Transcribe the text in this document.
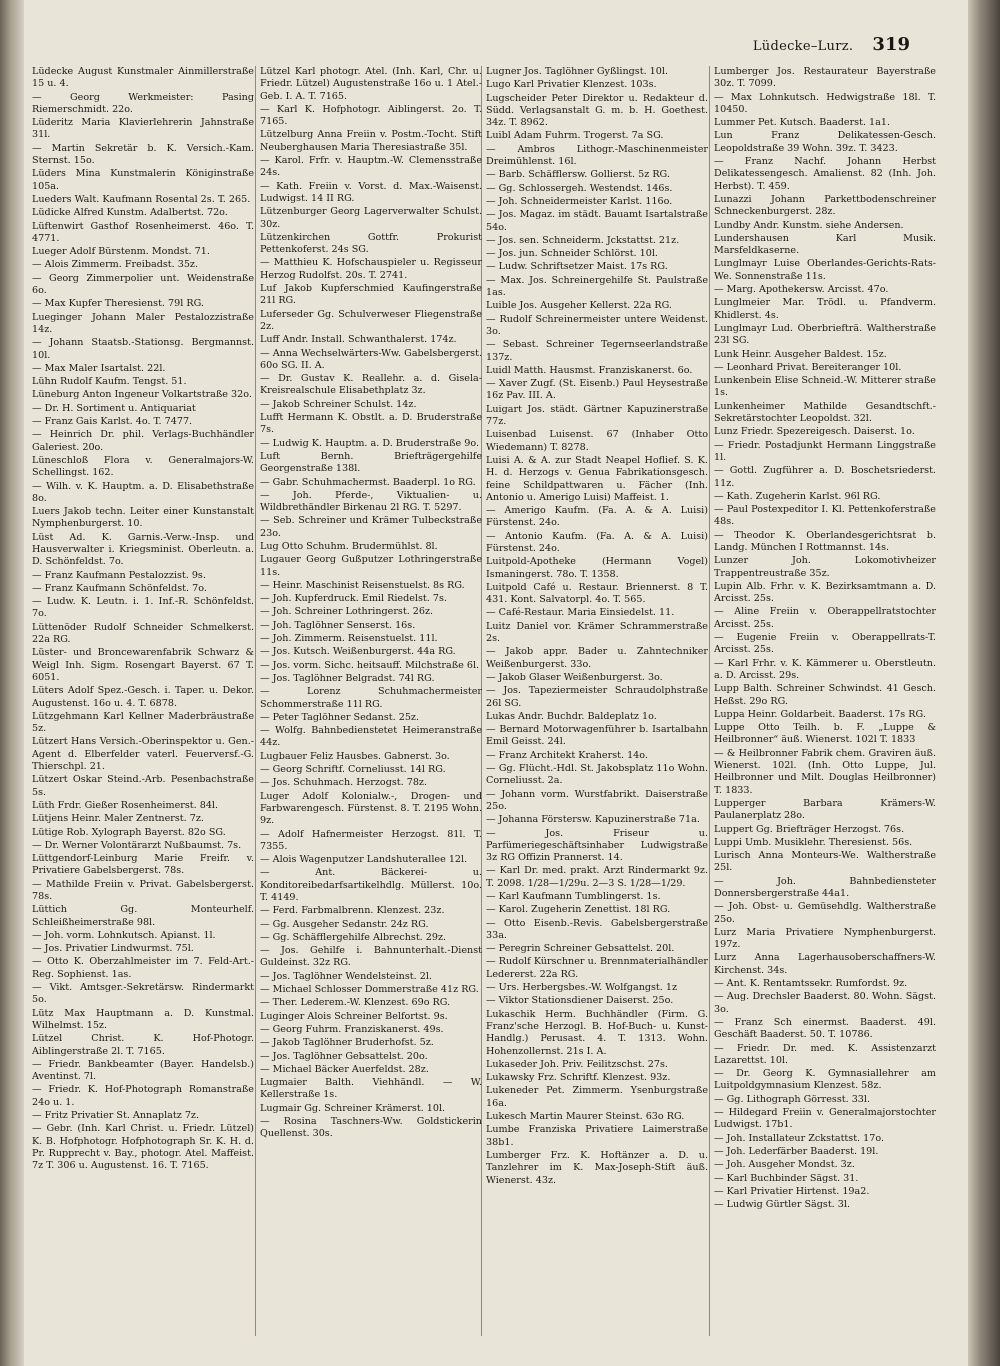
Lüdecke–Lurz. 319
Lüdecke August Kunstmaler Ainmillerstraße 15 u. 4.
— Georg Werkmeister: Pasing Riemerschmidt. 22o.
Lüderitz Maria Klavierlehrerin Jahnstraße 31l.
— Martin Sekretär b. K. Versich.-Kam. Sternst. 15o.
Lüders Mina Kunstmalerin Königinstraße 105a.
Lueders Walt. Kaufmann Rosental 2s. T. 265.
Lüdicke Alfred Kunstm. Adalbertst. 72o.
Lüftenwirt Gasthof Rosenheimerst. 46o. T. 4771.
Lueger Adolf Bürstenm. Mondst. 71.
— Alois Zimmerm. Freibadst. 35z.
— Georg Zimmerpolier unt. Weidenstraße 6o.
— Max Kupfer Theresienst. 79l RG.
Lueginger Johann Maler Pestalozzistraße 14z.
— Johann Staatsb.-Stationsg. Bergmannst. 10l.
— Max Maler Isartalst. 22l.
Lühn Rudolf Kaufm. Tengst. 51.
Lüneburg Anton Ingeneur Volkartstraße 32o.
— Dr. H. Sortiment u. Antiquariat
— Franz Gais Karlst. 4o. T. 7477.
— Heinrich Dr. phil. Verlags-Buchhändler Galeriest. 20o.
Lüneschloß Flora v. Generalmajors-W. Schellingst. 162.
— Wilh. v. K. Hauptm. a. D. Elisabethstraße 8o.
Luers Jakob techn. Leiter einer Kunstanstalt Nymphenburgerst. 10.
Lüst Ad. K. Garnis.-Verw.-Insp. und Hausverwalter i. Kriegsminist. Oberleutn. a. D. Schönfeldst. 7o.
— Franz Kaufmann Pestalozzist. 9s.
— Franz Kaufmann Schönfeldst. 7o.
— Ludw. K. Leutn. i. 1. Inf.-R. Schönfeldst. 7o.
Lüttenöder Rudolf Schneider Schmelkerst. 22a RG.
Lüster- und Broncewarenfabrik Schwarz & Weigl Inh. Sigm. Rosengart Bayerst. 67 T. 6051.
Lüters Adolf Spez.-Gesch. i. Taper. u. Dekor. Augustenst. 16o u. 4. T. 6878.
Lützgehmann Karl Kellner Maderbräustraße 5z.
Lützert Hans Versich.-Oberinspektor u. Gen.-Agent d. Elberfelder vaterl. Feuerversf.-G. Thierschpl. 21.
Lützert Oskar Steind.-Arb. Pesenbachstraße 5s.
Lüth Frdr. Gießer Rosenheimerst. 84l.
Lütjens Heinr. Maler Zentnerst. 7z.
Lütige Rob. Xylograph Bayerst. 82o SG.
— Dr. Werner Volontärarzt Nußbaumst. 7s.
Lüttgendorf-Leinburg Marie Freifr. v. Privatiere Gabelsbergerst. 78s.
— Mathilde Freiin v. Privat. Gabelsbergerst. 78s.
Lüttich Gg. Monteurhelf. Schleißheimerstraße 98l.
— Joh. vorm. Lohnkutsch. Apianst. 1l.
— Jos. Privatier Lindwurmst. 75l.
— Otto K. Oberzahlmeister im 7. Feld-Art.-Reg. Sophienst. 1as.
— Vikt. Amtsger.-Sekretärsw. Rindermarkt 5o.
Lütz Max Hauptmann a. D. Kunstmal. Wilhelmst. 15z.
Lützel Christ. K. Hof-Photogr. Aiblingerstraße 2l. T. 7165.
— Friedr. Bankbeamter (Bayer. Handelsb.) Aventinst. 7l.
— Friedr. K. Hof-Photograph Romanstraße 24o u. 1.
— Fritz Privatier St. Annaplatz 7z.
— Gebr. (Inh. Karl Christ. u. Friedr. Lützel) K. B. Hofphotogr. Hofphotograph Sr. K. H. d. Pr. Rupprecht v. Bay., photogr. Atel. Maffeist. 7z T. 306 u. Augustenst. 16. T. 7165.
Lützel Karl photogr. Atel. (Inh. Karl, Chr. u. Friedr. Lützel) Augustenstraße 16o u. 1 Atel.-Geb. I. A. T. 7165.
— Karl K. Hofphotogr. Aiblingerst. 2o. T. 7165.
Lützelburg Anna Freiin v. Postm.-Tocht. Stift Neuberghausen Maria Theresiastraße 35l.
— Karol. Frfr. v. Hauptm.-W. Clemensstraße 24s.
— Kath. Freiin v. Vorst. d. Max.-Waisenst. Ludwigst. 14 II RG.
Lützenburger Georg Lagerverwalter Schulst. 30z.
Lützenkirchen Gottfr. Prokurist Pettenkoferst. 24s SG.
— Matthieu K. Hofschauspieler u. Regisseur Herzog Rudolfst. 20s. T. 2741.
Luf Jakob Kupferschmied Kaufingerstraße 21l RG.
Luferseder Gg. Schulverweser Fliegenstraße 2z.
Luff Andr. Install. Schwanthalerst. 174z.
— Anna Wechselwärters-Ww. Gabelsbergerst. 60o SG. II. A.
— Dr. Gustav K. Reallehr. a. d. Gisela-Kreisrealschule Elisabethplatz 3z.
— Jakob Schreiner Schulst. 14z.
Lufft Hermann K. Obstlt. a. D. Bruderstraße 7s.
— Ludwig K. Hauptm. a. D. Bruderstraße 9o.
Luft Bernh. Briefträgergehilfe Georgenstraße 138l.
— Gabr. Schuhmachermst. Baaderpl. 1o RG.
— Joh. Pferde-, Viktualien- u. Wildbrethändler Birkenau 2l RG. T. 5297.
— Seb. Schreiner und Krämer Tulbeckstraße 23o.
Lug Otto Schuhm. Brudermühlst. 8l.
Lugauer Georg Gußputzer Lothringerstraße 11s.
— Heinr. Maschinist Reisenstuelst. 8s RG.
— Joh. Kupferdruck. Emil Riedelst. 7s.
— Joh. Schreiner Lothringerst. 26z.
— Joh. Taglöhner Senserst. 16s.
— Joh. Zimmerm. Reisenstuelst. 11l.
— Jos. Kutsch. Weißenburgerst. 44a RG.
— Jos. vorm. Sichc. heitsauff. Milchstraße 6l.
— Jos. Taglöhner Belgradst. 74l RG.
— Lorenz Schuhmachermeister Schommerstraße 11l RG.
— Peter Taglöhner Sedanst. 25z.
— Wolfg. Bahnbedienstetet Heimeranstraße 44z.
Lugbauer Feliz Hausbes. Gabnerst. 3o.
— Georg Schriftf. Corneliusst. 14l RG.
— Jos. Schuhmach. Herzogst. 78z.
Luger Adolf Kolonialw.-, Drogen- und Farbwarengesch. Fürstenst. 8. T. 2195 Wohn. 9z.
— Adolf Hafnermeister Herzogst. 81l. T. 7355.
— Alois Wagenputzer Landshuterallee 12l.
— Ant. Bäckerei- u. Konditoreibedarfsartikelhdlg. Müllerst. 10o. T. 4149.
— Ferd. Farbmalbrenn. Klenzest. 23z.
— Gg. Ausgeher Sedanstr. 24z RG.
— Gg. Schäfflergehilfe Albrechst. 29z.
— Jos. Gehilfe i. Bahnunterhalt.-Dienst Guldeinst. 32z RG.
— Jos. Taglöhner Wendelsteinst. 2l.
— Michael Schlosser Dommerstraße 41z RG.
— Ther. Lederem.-W. Klenzest. 69o RG.
Luginger Alois Schreiner Belfortst. 9s.
— Georg Fuhrm. Franziskanerst. 49s.
— Jakob Taglöhner Bruderhofst. 5z.
— Jos. Taglöhner Gebsattelst. 20o.
— Michael Bäcker Auerfeldst. 28z.
Lugmaier Balth. Viehhändl. — W. Kellerstraße 1s.
Lugmair Gg. Schreiner Krämerst. 10l.
— Rosina Taschners-Ww. Goldstickerin Quellenst. 30s.
Lugner Jos. Taglöhner Gyßlingst. 10l.
Lugo Karl Privatier Klenzest. 103s.
Lugscheider Peter Direktor u. Redakteur d. Südd. Verlagsanstalt G. m. b. H. Goethest. 34z. T. 8962.
Luibl Adam Fuhrm. Trogerst. 7a SG.
— Ambros Lithogr.-Maschinenmeister Dreimühlenst. 16l.
— Barb. Schäfflersw. Gollierst. 5z RG.
— Gg. Schlossergeh. Westendst. 146s.
— Joh. Schneidermeister Karlst. 116o.
— Jos. Magaz. im städt. Bauamt Isartalstraße 54o.
— Jos. sen. Schneiderm. Jckstattst. 21z.
— Jos. jun. Schneider Schlörst. 10l.
— Ludw. Schriftsetzer Maist. 17s RG.
— Max. Jos. Schreinergehilfe St. Paulstraße 1as.
Luible Jos. Ausgeher Kellerst. 22a RG.
— Rudolf Schreinermeister untere Weidenst. 3o.
— Sebast. Schreiner Tegernseerlandstraße 137z.
Luidl Matth. Hausmst. Franziskanerst. 6o.
— Xaver Zugf. (St. Eisenb.) Paul Heysestraße 16z Pav. III. A.
Luigart Jos. städt. Gärtner Kapuzinerstraße 77z.
Luisenbad Luisenst. 67 (Inhaber Otto Wiedemann) T. 8278.
Luisi A. & A. zur Stadt Neapel Hoflief. S. K. H. d. Herzogs v. Genua Fabrikationsgesch. feine Schildpattwaren u. Fächer (Inh. Antonio u. Amerigo Luisi) Maffeist. 1.
— Amerigo Kaufm. (Fa. A. & A. Luisi) Fürstenst. 24o.
— Antonio Kaufm. (Fa. A. & A. Luisi) Fürstenst. 24o.
Luitpold-Apotheke (Hermann Vogel) Ismaningerst. 78o. T. 1358.
Luitpold Café u. Restaur. Briennerst. 8 T. 431. Kont. Salvatorpl. 4o. T. 565.
— Café-Restaur. Maria Einsiedelst. 11.
Luitz Daniel vor. Krämer Schrammerstraße 2s.
— Jakob appr. Bader u. Zahntechniker Weißenburgerst. 33o.
— Jakob Glaser Weißenburgerst. 3o.
— Jos. Tapeziermeister Schraudolphstraße 26l SG.
Lukas Andr. Buchdr. Baldeplatz 1o.
— Bernard Motorwagenführer b. Isartalbahn Emil Geisst. 24l.
— Franz Architekt Kraherst. 14o.
— Gg. Flücht.-Hdl. St. Jakobsplatz 11o Wohn. Corneliusst. 2a.
— Johann vorm. Wurstfabrikt. Daiserstraße 25o.
— Johanna Förstersw. Kapuzinerstraße 71a.
— Jos. Friseur u. Parfümeriegeschäftsinhaber Ludwigstraße 3z RG Offizin Prannerst. 14.
— Karl Dr. med. prakt. Arzt Rindermarkt 9z. T. 2098. 1/28—1/29u. 2—3 S. 1/28—1/29.
— Karl Kaufmann Tumblingerst. 1s.
— Karol. Zugeherin Zenettist. 18l RG.
— Otto Eisenb.-Revis. Gabelsbergerstraße 33a.
— Peregrin Schreiner Gebsattelst. 20l.
— Rudolf Kürschner u. Brennmaterialhändler Ledererst. 22a RG.
— Urs. Herbergsbes.-W. Wolfgangst. 1z
— Viktor Stationsdiener Daiserst. 25o.
Lukaschik Herm. Buchhändler (Firm. G. Franz'sche Herzogl. B. Hof-Buch- u. Kunst-Handlg.) Perusast. 4. T. 1313. Wohn. Hohenzollernst. 21s I. A.
Lukaseder Joh. Priv. Feilitzschst. 27s.
Lukawsky Frz. Schriftf. Klenzest. 93z.
Lukeneder Pet. Zimmerm. Ysenburgstraße 16a.
Lukesch Martin Maurer Steinst. 63o RG.
Lumbe Franziska Privatiere Laimerstraße 38b1.
Lumberger Frz. K. Hoftänzer a. D. u. Tanzlehrer im K. Max-Joseph-Stift äuß. Wienerst. 43z.
Lumberger Jos. Restaurateur Bayerstraße 30z. T. 7099.
— Max Lohnkutsch. Hedwigstraße 18l. T. 10450.
Lummer Pet. Kutsch. Baaderst. 1a1.
Lun Franz Delikatessen-Gesch. Leopoldstraße 39 Wohn. 39z. T. 3423.
— Franz Nachf. Johann Herbst Delikatessengesch. Amalienst. 82 (Inh. Joh. Herbst). T. 459.
Lunazzi Johann Parkettbodenschreiner Schneckenburgerst. 28z.
Lundby Andr. Kunstm. siehe Andersen.
Lundershausen Karl Musik. Marsfeldkaserne.
Lunglmayr Luise Oberlandes-Gerichts-Rats-We. Sonnenstraße 11s.
— Marg. Apothekersw. Arcisst. 47o.
Lunglmeier Mar. Trödl. u. Pfandverm. Khidlerst. 4s.
Lunglmayr Lud. Oberbriefträ. Waltherstraße 23l SG.
Lunk Heinr. Ausgeher Baldest. 15z.
— Leonhard Privat. Bereiteranger 10l.
Lunkenbein Elise Schneid.-W. Mitterer straße 1s.
Lunkenheimer Mathilde Gesandtschft.-Sekretärstochter Leopoldst. 32l.
Lunz Friedr. Spezereigesch. Daiserst. 1o.
— Friedr. Postadjunkt Hermann Linggstraße 1l.
— Gottl. Zugführer a. D. Boschetsriederst. 11z.
— Kath. Zugeherin Karlst. 96l RG.
— Paul Postexpeditor I. Kl. Pettenkoferstraße 48s.
— Theodor K. Oberlandesgerichtsrat b. Landg. München I Rottmannst. 14s.
Lunzer Joh. Lokomotivheizer Trappentreustraße 35z.
Lupin Alb. Frhr. v. K. Bezirksamtmann a. D. Arcisst. 25s.
— Aline Freiin v. Oberappellratstochter Arcisst. 25s.
— Eugenie Freiin v. Oberappellrats-T. Arcisst. 25s.
— Karl Frhr. v. K. Kämmerer u. Oberstleutn. a. D. Arcisst. 29s.
Lupp Balth. Schreiner Schwindst. 41 Gesch. Heßst. 29o RG.
Luppa Heinr. Goldarbeit. Baaderst. 17s RG.
Luppe Otto Teilh. b. F. „Luppe & Heilbronner“ äuß. Wienerst. 102l T. 1833
— & Heilbronner Fabrik chem. Graviren äuß. Wienerst. 102l. (Inh. Otto Luppe, Jul. Heilbronner und Milt. Douglas Heilbronner) T. 1833.
Lupperger Barbara Krämers-W. Paulanerplatz 28o.
Luppert Gg. Briefträger Herzogst. 76s.
Luppi Umb. Musiklehr. Theresienst. 56s.
Lurisch Anna Monteurs-We. Waltherstraße 25l.
— Joh. Bahnbediensteter Donnersbergerstraße 44a1.
— Joh. Obst- u. Gemüsehdlg. Waltherstraße 25o.
Lurz Maria Privatiere Nymphenburgerst. 197z.
Lurz Anna Lagerhausoberschaffners-W. Kirchenst. 34s.
— Ant. K. Rentamtssekr. Rumfordst. 9z.
— Aug. Drechsler Baaderst. 80. Wohn. Sägst. 3o.
— Franz Sch einermst. Baaderst. 49l. Geschäft Baaderst. 50. T. 10786.
— Friedr. Dr. med. K. Assistenzarzt Lazarettst. 10l.
— Dr. Georg K. Gymnasiallehrer am Luitpoldgymnasium Klenzest. 58z.
— Gg. Lithograph Görresst. 33l.
— Hildegard Freiin v. Generalmajorstochter Ludwigst. 17b1.
— Joh. Installateur Zckstattst. 17o.
— Joh. Lederfärber Baaderst. 19l.
— Joh. Ausgeher Mondst. 3z.
— Karl Buchbinder Sägst. 31.
— Karl Privatier Hirtenst. 19a2.
— Ludwig Gürtler Sägst. 3l.
